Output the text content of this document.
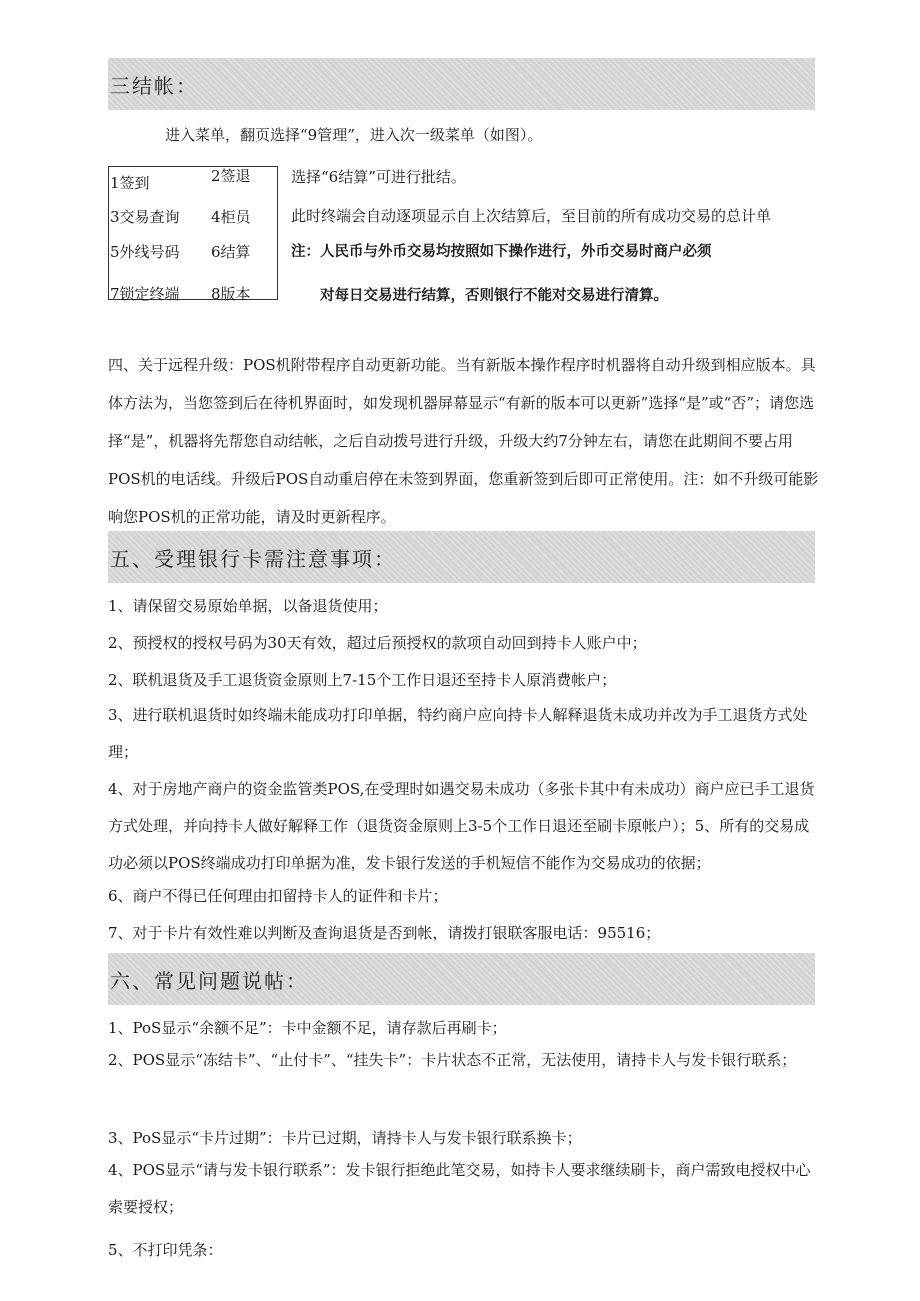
三结帐：
进入菜单，翻页选择“9管理”，进入次一级菜单（如图）。
1签到	2签退
3交易查询 4柜员
5外线号码 6结算
7锁定终端 8版本
选择“6结算”可进行批结。
此时终端会自动逐项显示自上次结算后，至目前的所有成功交易的总计单
注：人民币与外币交易均按照如下操作进行，外币交易时商户必须
对每日交易进行结算，否则银行不能对交易进行清算。
四、关于远程升级：POS机附带程序自动更新功能。当有新版本操作程序时机器将自动升级到相应版本。具体方法为，当您签到后在待机界面时，如发现机器屏幕显示“有新的版本可以更新”选择“是”或“否”；请您选择“是”，机器将先帮您自动结帐，之后自动拨号进行升级，升级大约7分钟左右，请您在此期间不要占用POS机的电话线。升级后POS自动重启停在未签到界面，您重新签到后即可正常使用。注：如不升级可能影响您POS机的正常功能，请及时更新程序。
五、受理银行卡需注意事项：
1、请保留交易原始单据，以备退货使用；
2、预授权的授权号码为30天有效，超过后预授权的款项自动回到持卡人账户中；
2、联机退货及手工退货资金原则上7-15个工作日退还至持卡人原消费帐户；
3、进行联机退货时如终端未能成功打印单据，特约商户应向持卡人解释退货未成功并改为手工退货方式处理；
4、对于房地产商户的资金监管类POS,在受理时如遇交易未成功（多张卡其中有未成功）商户应已手工退货方式处理，并向持卡人做好解释工作（退货资金原则上3-5个工作日退还至刷卡原帐户）；5、所有的交易成功必须以POS终端成功打印单据为准，发卡银行发送的手机短信不能作为交易成功的依据；
6、商户不得已任何理由扣留持卡人的证件和卡片；
7、对于卡片有效性难以判断及查询退货是否到帐，请拨打银联客服电话：95516；
六、常见问题说帖：
1、PoS显示“余额不足”：卡中金额不足，请存款后再刷卡；
2、POS显示“冻结卡”、“止付卡”、“挂失卡”：卡片状态不正常，无法使用，请持卡人与发卡银行联系；
3、PoS显示“卡片过期”：卡片已过期，请持卡人与发卡银行联系换卡；
4、POS显示“请与发卡银行联系”：发卡银行拒绝此笔交易，如持卡人要求继续刷卡，商户需致电授权中心索要授权；
5、不打印凭条：
